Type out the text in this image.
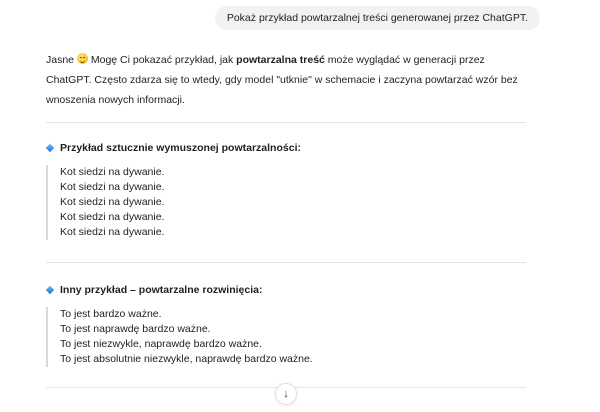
Pokaż przykład powtarzalnej treści generowanej przez ChatGPT.

Jasne
Mogę Ci pokazać przykład, jak powtarzalna treść może wyglądać w generacji przez ChatGPT. Często zdarza się to wtedy, gdy model "utknie" w schemacie i zaczyna powtarzać wzór bez wnoszenia nowych informacji.

Przykład sztucznie wymuszonej powtarzalności:
Kot siedzi na dywanie.
Kot siedzi na dywanie.
Kot siedzi na dywanie.
Kot siedzi na dywanie.
Kot siedzi na dywanie.
Inny przykład – powtarzalne rozwinięcia:
To jest bardzo ważne.
To jest naprawdę bardzo ważne.
To jest niezwykle, naprawdę bardzo ważne.
To jest absolutnie niezwykle, naprawdę bardzo ważne.
↓
